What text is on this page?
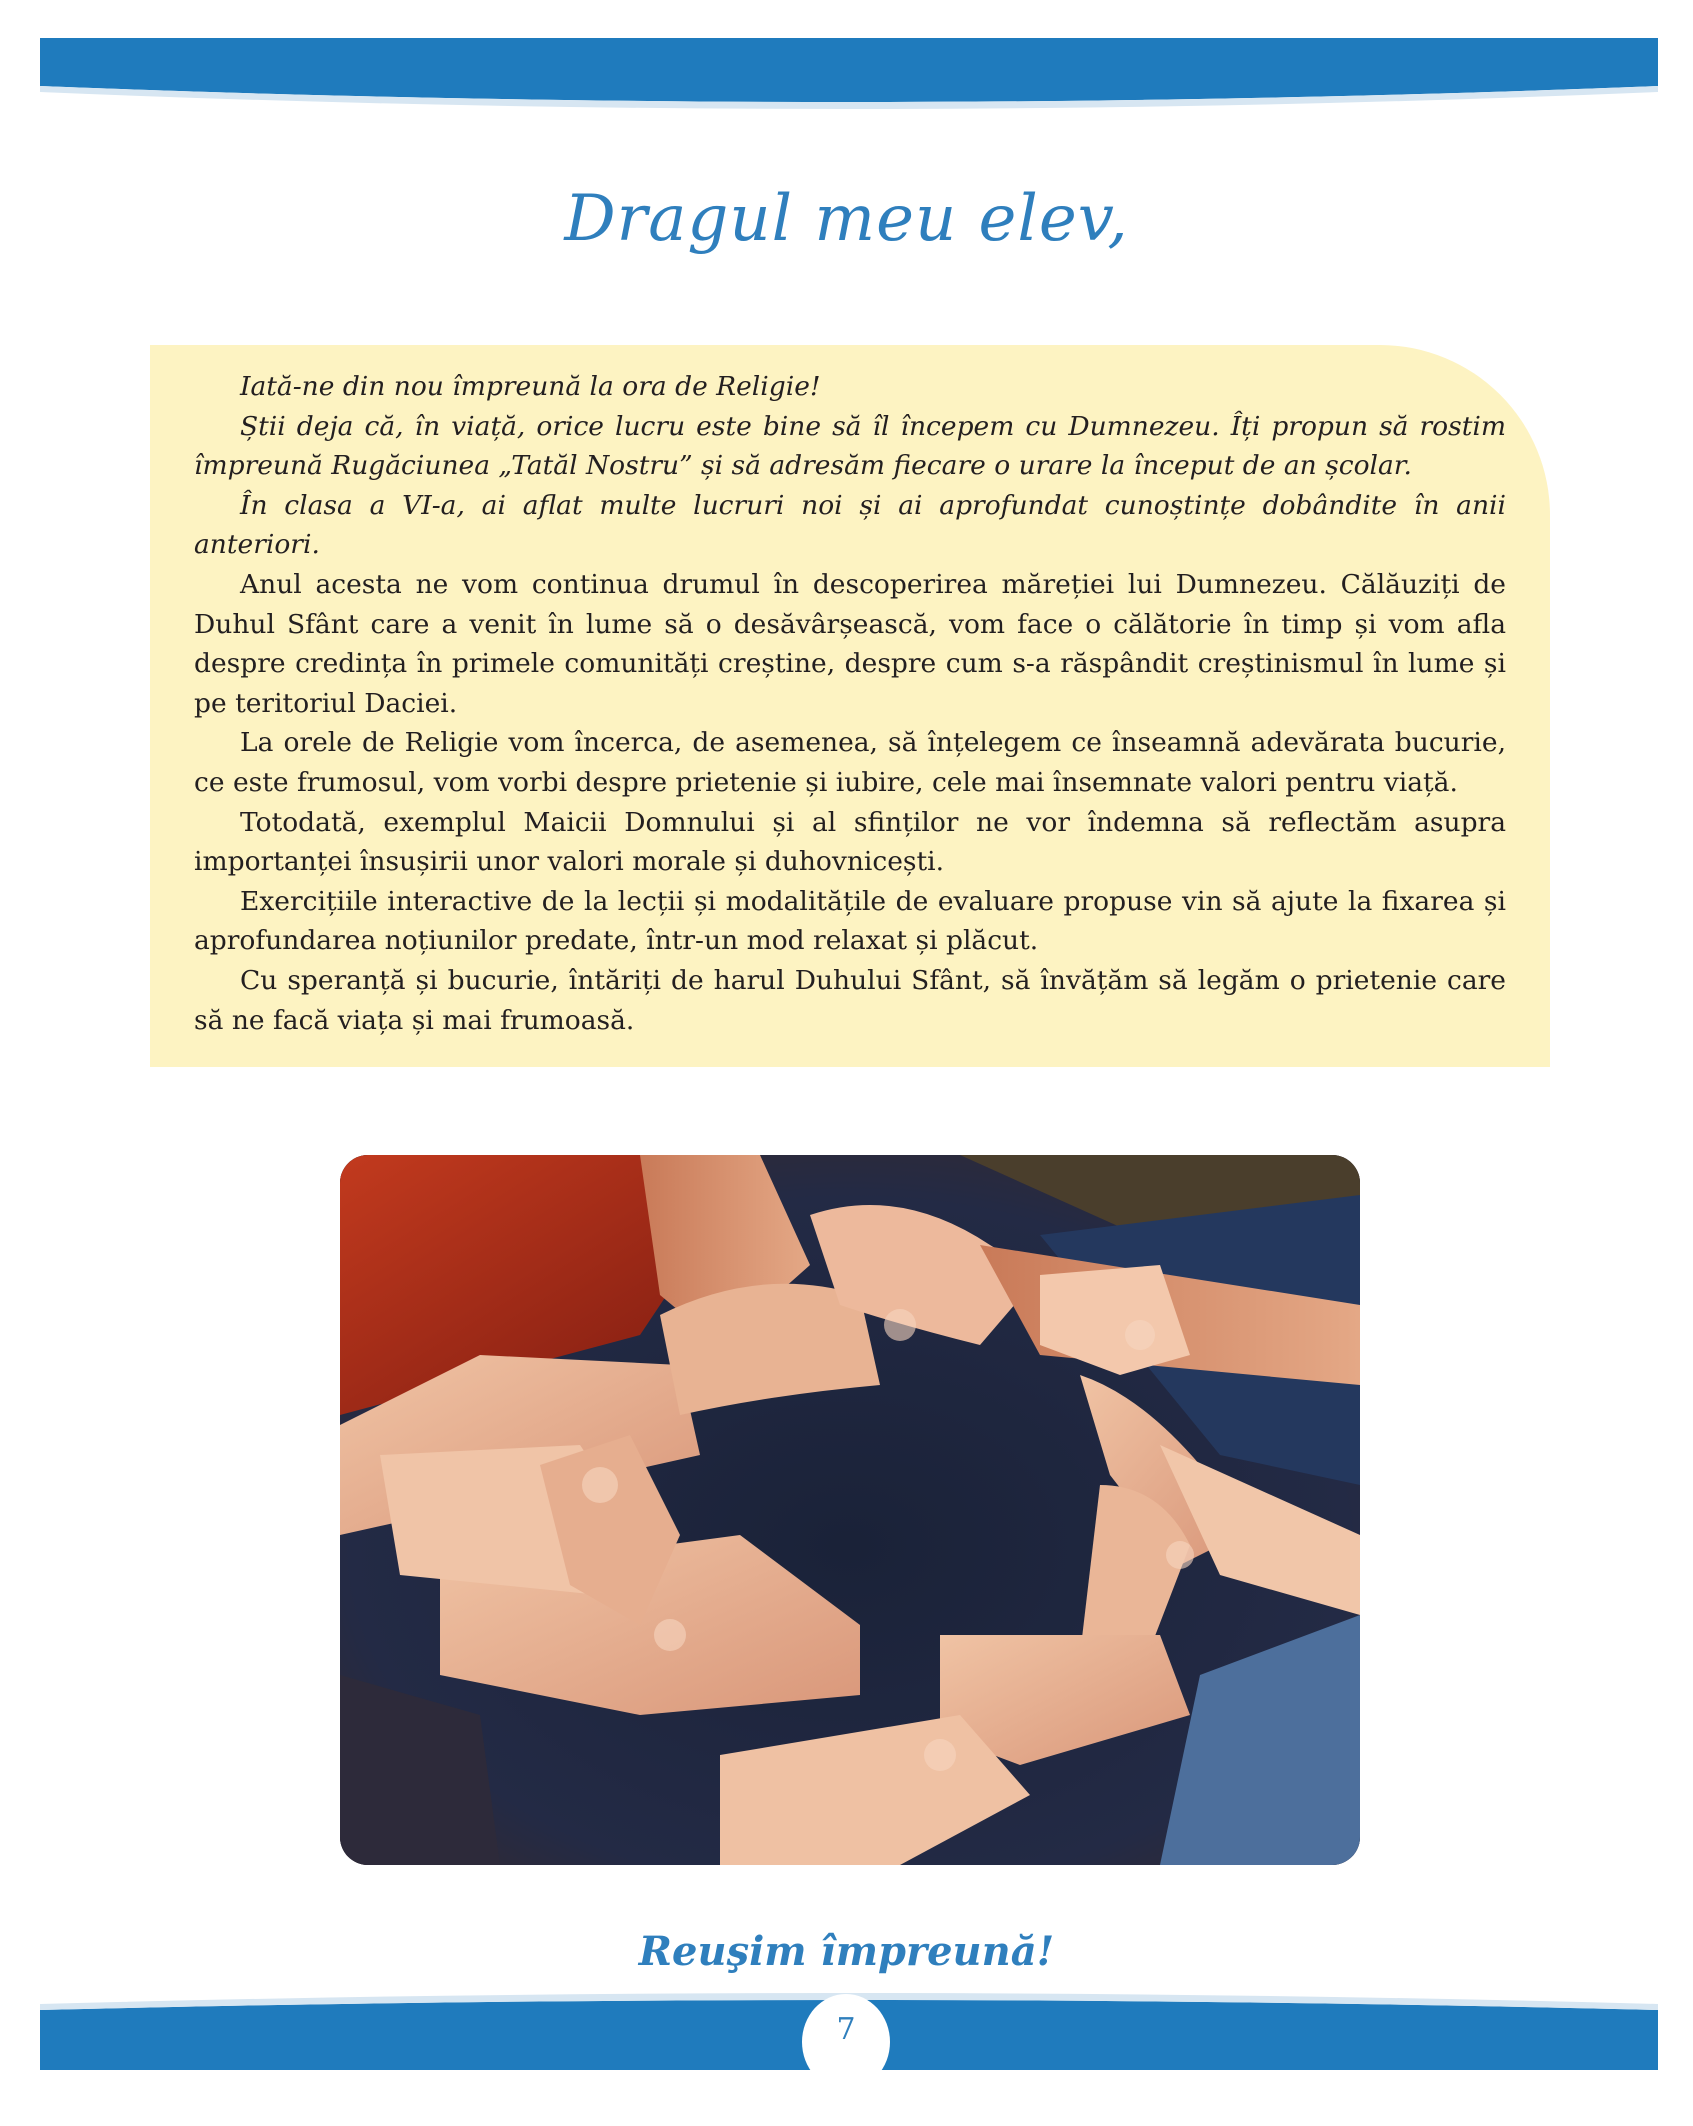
Dragul meu elev,

Iată-ne din nou împreună la ora de Religie!

Știi deja că, în viață, orice lucru este bine să îl începem cu Dumnezeu. Îți propun să rostim împreună Rugăciunea „Tatăl Nostru” și să adresăm fiecare o urare la început de an școlar.

În clasa a VI-a, ai aflat multe lucruri noi și ai aprofundat cunoștințe dobândite în anii anteriori.

Anul acesta ne vom continua drumul în descoperirea măreției lui Dumnezeu. Călăuziți de Duhul Sfânt care a venit în lume să o desăvârșească, vom face o călătorie în timp și vom afla despre credința în primele comunități creștine, despre cum s-a răspândit creștinismul în lume și pe teritoriul Daciei.

La orele de Religie vom încerca, de asemenea, să înțelegem ce înseamnă adevărata bucurie, ce este frumosul, vom vorbi despre prietenie și iubire, cele mai însemnate valori pentru viață.

Totodată, exemplul Maicii Domnului și al sfinților ne vor îndemna să reflectăm asupra importanței însușirii unor valori morale și duhovnicești.

Exercițiile interactive de la lecții și modalitățile de evaluare propuse vin să ajute la fixarea și aprofundarea noțiunilor predate, într-un mod relaxat și plăcut.

Cu speranță și bucurie, întăriți de harul Duhului Sfânt, să învățăm să legăm o prietenie care să ne facă viața și mai frumoasă.

Reuşim împreună!
7
